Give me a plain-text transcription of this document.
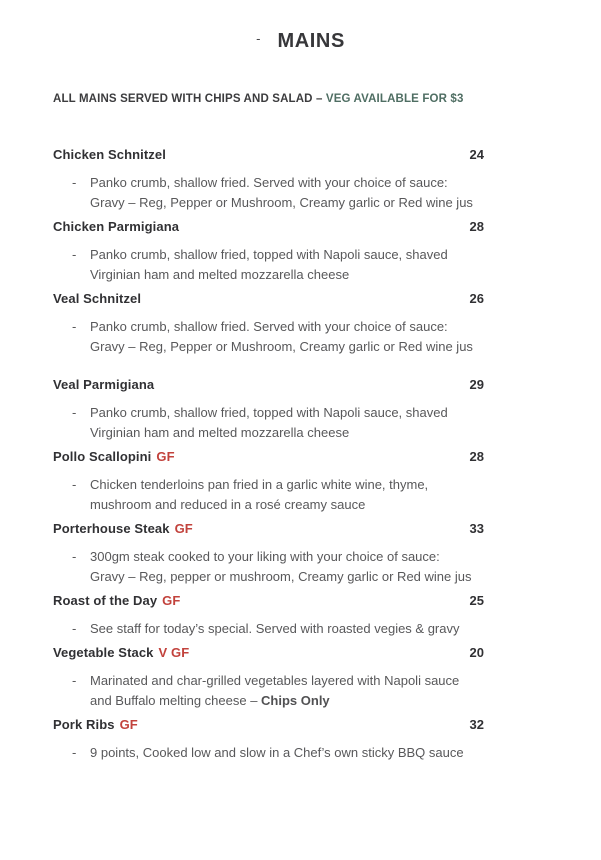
- MAINS
ALL MAINS SERVED WITH CHIPS AND SALAD – VEG AVAILABLE FOR $3
Chicken Schnitzel	24
-	Panko crumb, shallow fried. Served with your choice of sauce:
Gravy – Reg, Pepper or Mushroom, Creamy garlic or Red wine jus
Chicken Parmigiana	28
-	Panko crumb, shallow fried, topped with Napoli sauce, shaved
Virginian ham and melted mozzarella cheese
Veal Schnitzel	26
-	Panko crumb, shallow fried. Served with your choice of sauce:
Gravy – Reg, Pepper or Mushroom, Creamy garlic or Red wine jus
Veal Parmigiana	29
-	Panko crumb, shallow fried, topped with Napoli sauce, shaved
Virginian ham and melted mozzarella cheese
Pollo Scallopini GF	28
-	Chicken tenderloins pan fried in a garlic white wine, thyme,
mushroom and reduced in a rosé creamy sauce
Porterhouse Steak GF	33
-	300gm steak cooked to your liking with your choice of sauce:
Gravy – Reg, pepper or mushroom, Creamy garlic or Red wine jus
Roast of the Day GF	25
-	See staff for today’s special. Served with roasted vegies & gravy
Vegetable Stack V GF	20
-	Marinated and char-grilled vegetables layered with Napoli sauce
and Buffalo melting cheese – Chips Only
Pork Ribs GF	32
-	9 points, Cooked low and slow in a Chef’s own sticky BBQ sauce
